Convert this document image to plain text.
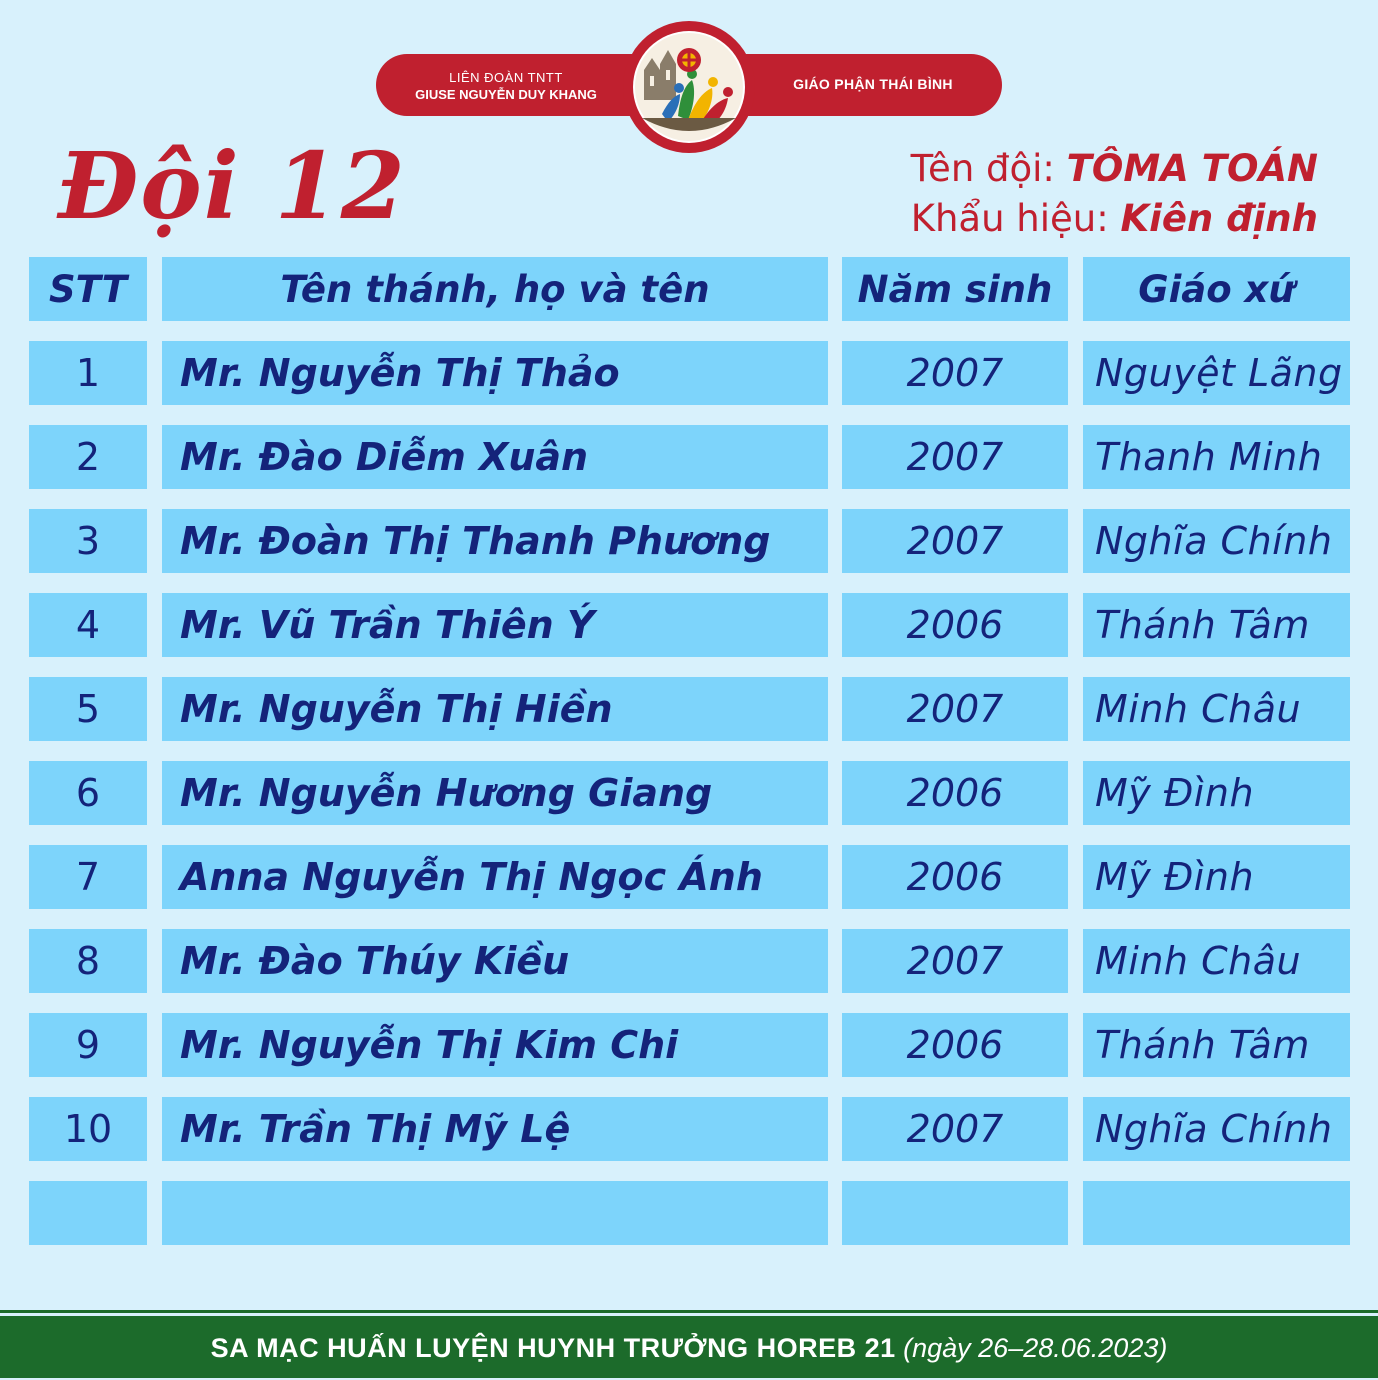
LIÊN ĐOÀN TNTT
GIUSE NGUYỄN DUY KHANG
GIÁO PHẬN THÁI BÌNH
Đội 12	Tên đội: TÔMA TOÁN
Khẩu hiệu: Kiên định
STT	Tên thánh, họ và tên	Năm sinh	Giáo xứ
1	Mr. Nguyễn Thị Thảo	2007	Nguyệt Lãng
2	Mr. Đào Diễm Xuân	2007	Thanh Minh
3	Mr. Đoàn Thị Thanh Phương	2007	Nghĩa Chính
4	Mr. Vũ Trần Thiên Ý	2006	Thánh Tâm
5	Mr. Nguyễn Thị Hiền	2007	Minh Châu
6	Mr. Nguyễn Hương Giang	2006	Mỹ Đình
7	Anna Nguyễn Thị Ngọc Ánh	2006	Mỹ Đình
8	Mr. Đào Thúy Kiều	2007	Minh Châu
9	Mr. Nguyễn Thị Kim Chi	2006	Thánh Tâm
10	Mr. Trần Thị Mỹ Lệ	2007	Nghĩa Chính
SA MẠC HUẤN LUYỆN HUYNH TRƯỞNG HOREB 21 (ngày 26–28.06.2023)
